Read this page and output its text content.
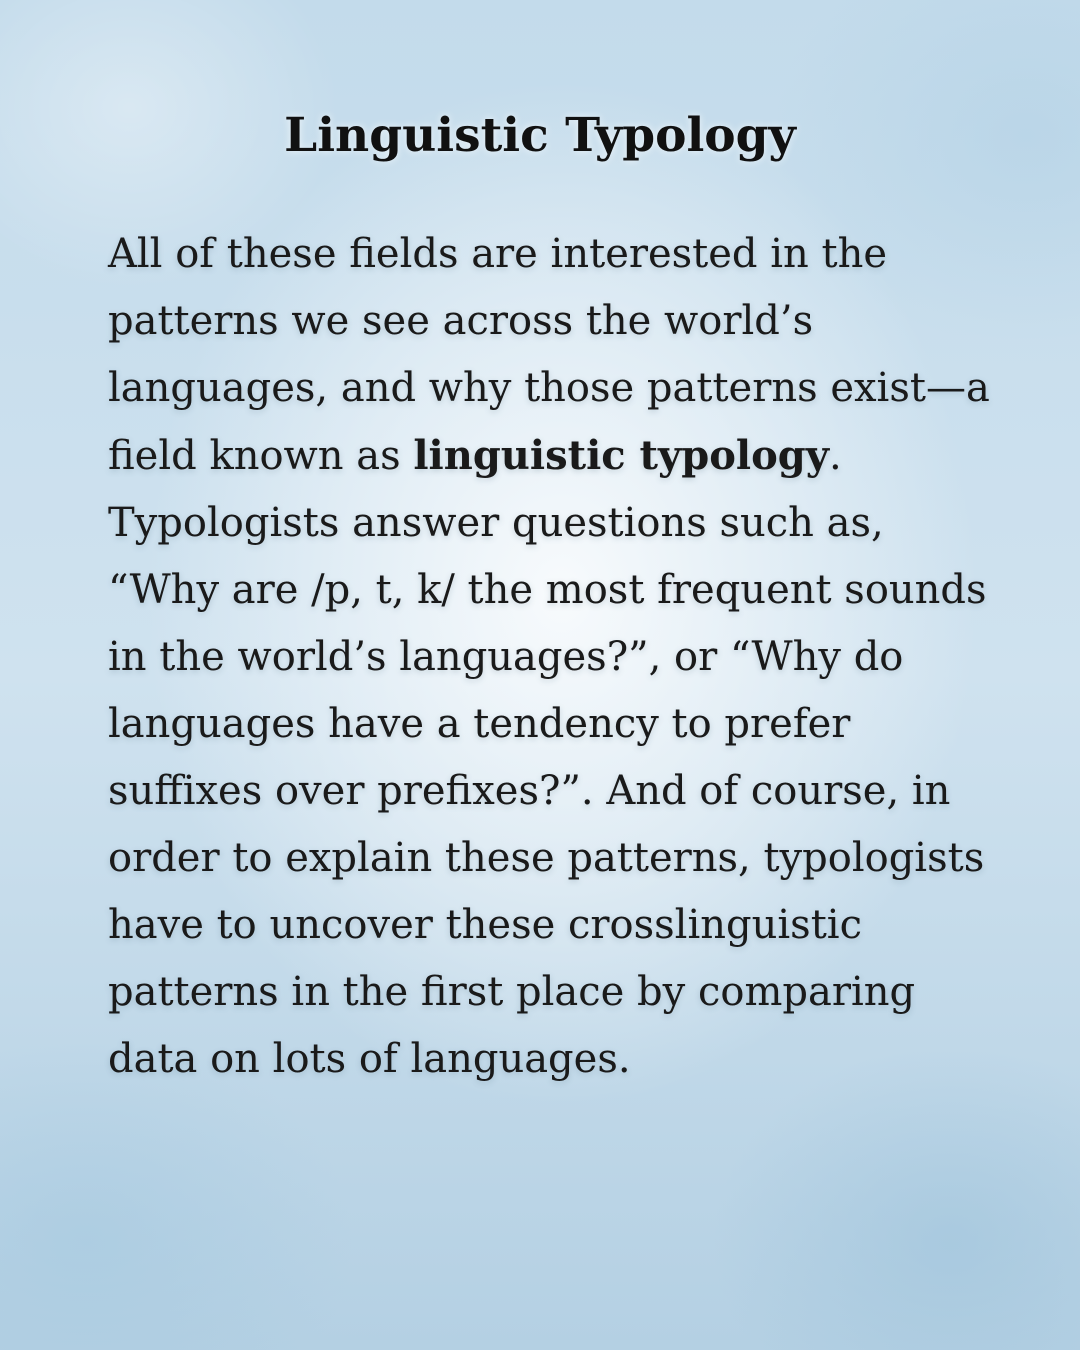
Linguistic Typology

All of these fields are interested in the
patterns we see across the world’s
languages, and why those patterns exist—a
field known as linguistic typology.
Typologists answer questions such as,
“Why are /p, t, k/ the most frequent sounds
in the world’s languages?”, or “Why do
languages have a tendency to prefer
suffixes over prefixes?”. And of course, in
order to explain these patterns, typologists
have to uncover these crosslinguistic
patterns in the first place by comparing
data on lots of languages.
